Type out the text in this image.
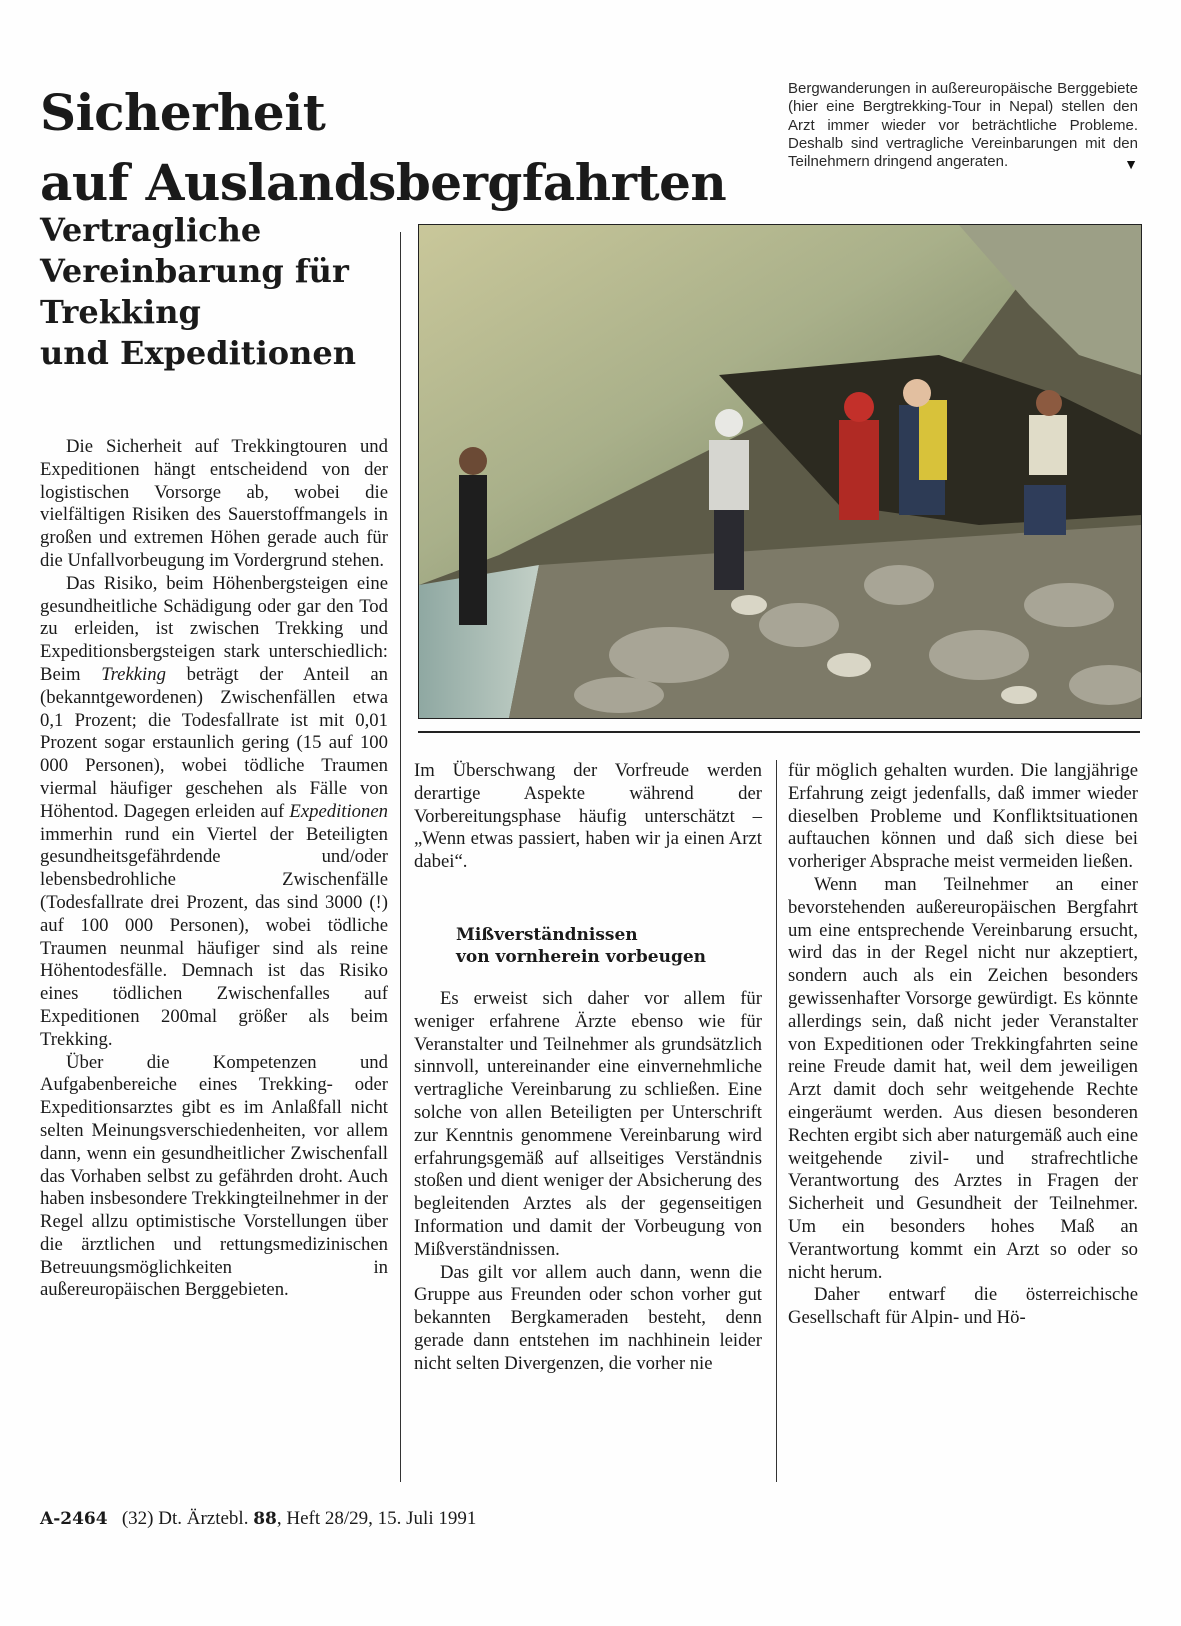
Sicherheit
auf Auslandsbergfahrten
Vertragliche
Vereinbarung für
Trekking
und Expeditionen

Bergwanderungen in außereuropäische Berggebiete (hier eine Bergtrekking-Tour in Nepal) stellen den Arzt immer wieder vor beträchtliche Probleme. Deshalb sind vertragliche Vereinbarungen mit den Teilnehmern dringend angeraten.	▼

Die Sicherheit auf Trekkingtouren und Expeditionen hängt entscheidend von der logistischen Vorsorge ab, wobei die vielfältigen Risiken des Sauerstoffmangels in großen und extremen Höhen gerade auch für die Unfallvorbeugung im Vordergrund stehen.

Das Risiko, beim Höhenbergsteigen eine gesundheitliche Schädigung oder gar den Tod zu erleiden, ist zwischen Trekking und Expeditionsbergsteigen stark unterschiedlich: Beim Trekking beträgt der Anteil an (bekanntgewordenen) Zwischenfällen etwa 0,1 Prozent; die Todesfallrate ist mit 0,01 Prozent sogar erstaunlich gering (15 auf 100 000 Personen), wobei tödliche Traumen viermal häufiger geschehen als Fälle von Höhentod. Dagegen erleiden auf Expeditionen immerhin rund ein Viertel der Beteiligten gesundheitsgefährdende und/oder lebensbedrohliche Zwischenfälle (Todesfallrate drei Prozent, das sind 3000 (!) auf 100 000 Personen), wobei tödliche Traumen neunmal häufiger sind als reine Höhentodesfälle. Demnach ist das Risiko eines tödlichen Zwischenfalles auf Expeditionen 200mal größer als beim Trekking.

Über die Kompetenzen und Aufgabenbereiche eines Trekking- oder Expeditionsarztes gibt es im Anlaßfall nicht selten Meinungsverschiedenheiten, vor allem dann, wenn ein gesundheitlicher Zwischenfall das Vorhaben selbst zu gefährden droht. Auch haben insbesondere Trekkingteilnehmer in der Regel allzu optimistische Vorstellungen über die ärztlichen und rettungsmedizinischen Betreuungsmöglichkeiten in außereuropäischen Berggebieten.

Im Überschwang der Vorfreude werden derartige Aspekte während der Vorbereitungsphase häufig unterschätzt – „Wenn etwas passiert, haben wir ja einen Arzt dabei“.

Mißverständnissen
von vornherein vorbeugen

Es erweist sich daher vor allem für weniger erfahrene Ärzte ebenso wie für Veranstalter und Teilnehmer als grundsätzlich sinnvoll, untereinander eine einvernehmliche vertragliche Vereinbarung zu schließen. Eine solche von allen Beteiligten per Unterschrift zur Kenntnis genommene Vereinbarung wird erfahrungsgemäß auf allseitiges Verständnis stoßen und dient weniger der Absicherung des begleitenden Arztes als der gegenseitigen Information und damit der Vorbeugung von Mißverständnissen.

Das gilt vor allem auch dann, wenn die Gruppe aus Freunden oder schon vorher gut bekannten Bergkameraden besteht, denn gerade dann entstehen im nachhinein leider nicht selten Divergenzen, die vorher nie

für möglich gehalten wurden. Die langjährige Erfahrung zeigt jedenfalls, daß immer wieder dieselben Probleme und Konfliktsituationen auftauchen können und daß sich diese bei vorheriger Absprache meist vermeiden ließen.

Wenn man Teilnehmer an einer bevorstehenden außereuropäischen Bergfahrt um eine entsprechende Vereinbarung ersucht, wird das in der Regel nicht nur akzeptiert, sondern auch als ein Zeichen besonders gewissenhafter Vorsorge gewürdigt. Es könnte allerdings sein, daß nicht jeder Veranstalter von Expeditionen oder Trekkingfahrten seine reine Freude damit hat, weil dem jeweiligen Arzt damit doch sehr weitgehende Rechte eingeräumt werden. Aus diesen besonderen Rechten ergibt sich aber naturgemäß auch eine weitgehende zivil- und strafrechtliche Verantwortung des Arztes in Fragen der Sicherheit und Gesundheit der Teilnehmer. Um ein besonders hohes Maß an Verantwortung kommt ein Arzt so oder so nicht herum.

Daher entwarf die österreichische Gesellschaft für Alpin- und Hö-

A-2464 (32) Dt. Ärztebl. 88, Heft 28/29, 15. Juli 1991
